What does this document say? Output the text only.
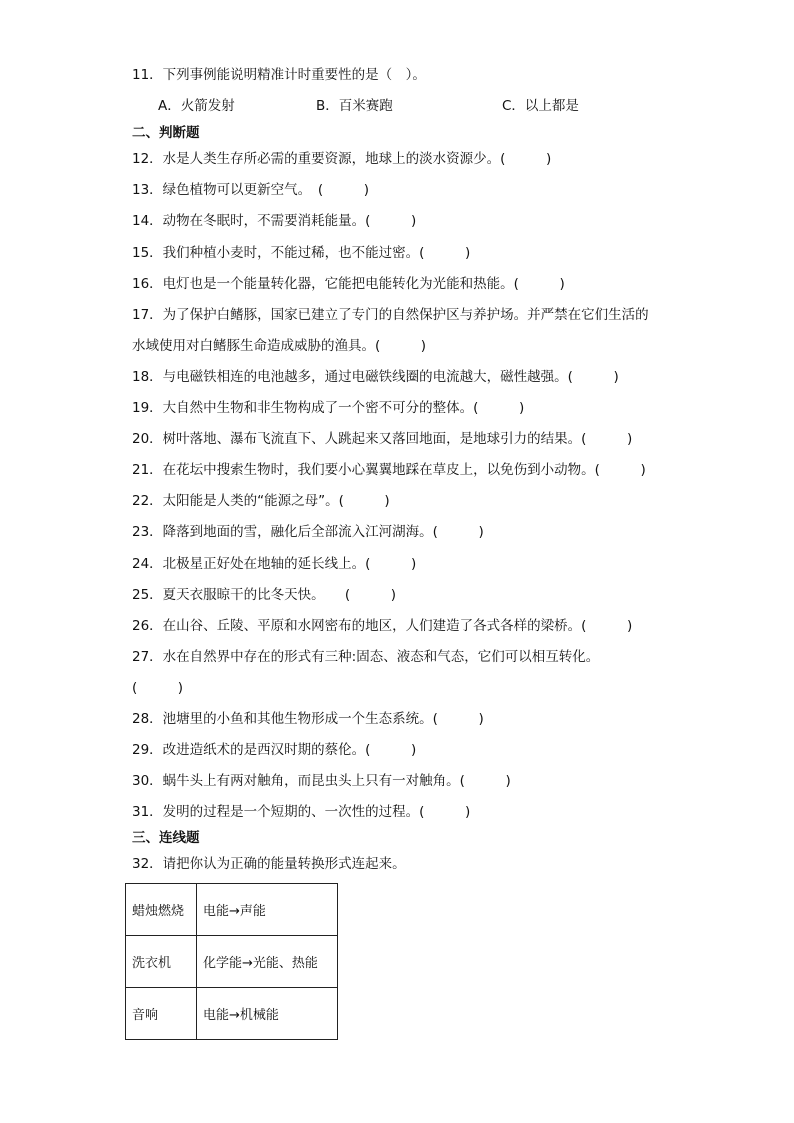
11．下列事例能说明精准计时重要性的是（　）。
A．火箭发射	B．百米赛跑	C．以上都是
二、判断题
12．水是人类生存所必需的重要资源，地球上的淡水资源少。(　　　)
13．绿色植物可以更新空气。　(　　　)
14．动物在冬眠时，不需要消耗能量。(　　　)
15．我们种植小麦时，不能过稀，也不能过密。(　　　)
16．电灯也是一个能量转化器，它能把电能转化为光能和热能。(　　　)
17．为了保护白鳍豚，国家已建立了专门的自然保护区与养护场。并严禁在它们生活的
水域使用对白鳍豚生命造成威胁的渔具。(　　　)
18．与电磁铁相连的电池越多，通过电磁铁线圈的电流越大，磁性越强。(　　　)
19．大自然中生物和非生物构成了一个密不可分的整体。(　　　)
20．树叶落地、瀑布飞流直下、人跳起来又落回地面，是地球引力的结果。(　　　)
21．在花坛中搜索生物时，我们要小心翼翼地踩在草皮上，以免伤到小动物。(　　　)
22．太阳能是人类的“能源之母”。(　　　)
23．降落到地面的雪，融化后全部流入江河湖海。(　　　)
24．北极星正好处在地轴的延长线上。(　　　)
25．夏天衣服晾干的比冬天快。　　(　　　)
26．在山谷、丘陵、平原和水网密布的地区，人们建造了各式各样的梁桥。(　　　)
27．水在自然界中存在的形式有三种:固态、液态和气态，它们可以相互转化。
(　　　)
28．池塘里的小鱼和其他生物形成一个生态系统。(　　　)
29．改进造纸术的是西汉时期的蔡伦。(　　　)
30．蜗牛头上有两对触角，而昆虫头上只有一对触角。(　　　)
31．发明的过程是一个短期的、一次性的过程。(　　　)
三、连线题
32．请把你认为正确的能量转换形式连起来。
蜡烛燃烧	电能→声能
洗衣机	化学能→光能、热能
音响	电能→机械能
